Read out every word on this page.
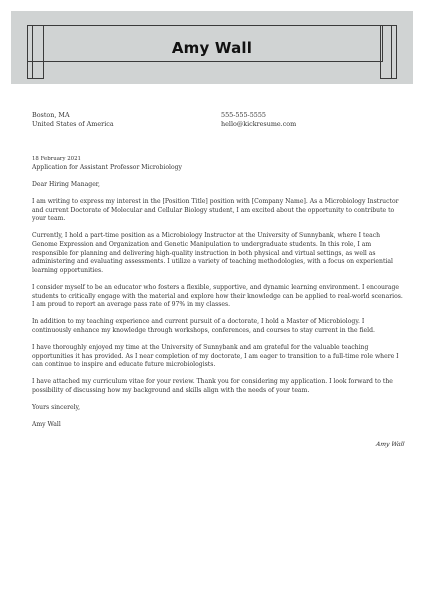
Amy Wall
Boston, MA
United States of America
555-555-5555
hello@kickresume.com

18 February 2021

Application for Assistant Professor Microbiology

Dear Hiring Manager,

I am writing to express my interest in the [Position Title] position with [Company Name]. As a Microbiology Instructor and current Doctorate of Molecular and Cellular Biology student, I am excited about the opportunity to contribute to your team.

Currently, I hold a part-time position as a Microbiology Instructor at the University of Sunnybank, where I teach Genome Expression and Organization and Genetic Manipulation to undergraduate students. In this role, I am responsible for planning and delivering high-quality instruction in both physical and virtual settings, as well as administering and evaluating assessments. I utilize a variety of teaching methodologies, with a focus on experiential learning opportunities.

I consider myself to be an educator who fosters a flexible, supportive, and dynamic learning environment. I encourage students to critically engage with the material and explore how their knowledge can be applied to real-world scenarios. I am proud to report an average pass rate of 97% in my classes.

In addition to my teaching experience and current pursuit of a doctorate, I hold a Master of Microbiology. I continuously enhance my knowledge through workshops, conferences, and courses to stay current in the field.

I have thoroughly enjoyed my time at the University of Sunnybank and am grateful for the valuable teaching opportunities it has provided. As I near completion of my doctorate, I am eager to transition to a full-time role where I can continue to inspire and educate future microbiologists.

I have attached my curriculum vitae for your review. Thank you for considering my application. I look forward to the possibility of discussing how my background and skills align with the needs of your team.

Yours sincerely,

Amy Wall

Amy Wall
